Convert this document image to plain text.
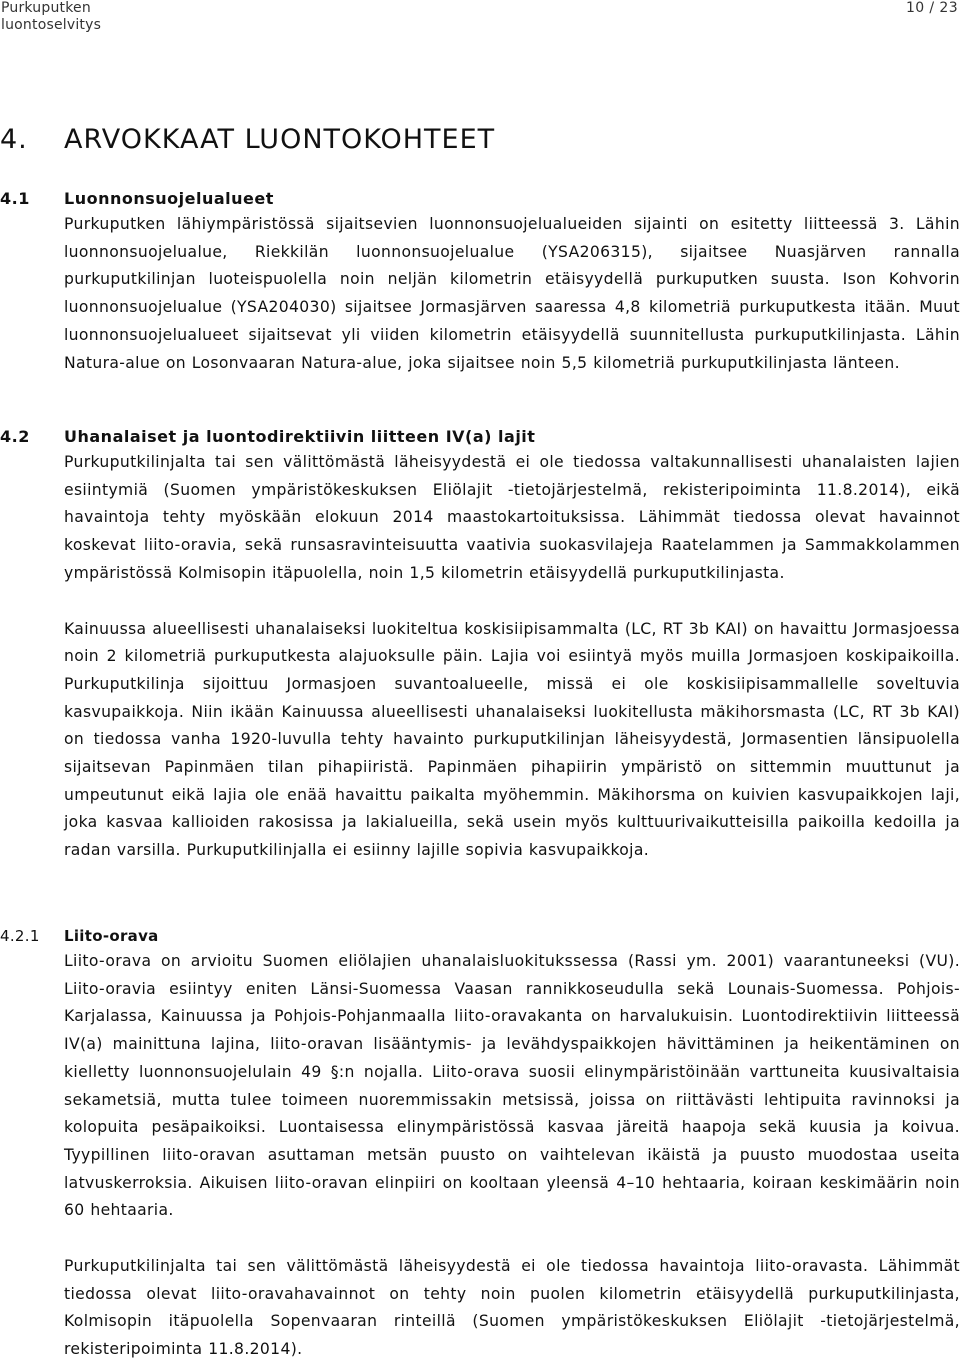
Purkuputken
luontoselvitys
10 / 23
4. ARVOKKAAT LUONTOKOHTEET
4.1 Luonnonsuojelualueet

Purkuputken lähiympäristössä sijaitsevien luonnonsuojelualueiden sijainti on esitetty liitteessä 3. Lähin luonnonsuojelualue, Riekkilän luonnonsuojelualue (YSA206315), sijaitsee Nuasjärven rannalla purkuputkilinjan luoteispuolella noin neljän kilometrin etäisyydellä purkuputken suusta. Ison Kohvorin luonnonsuojelualue (YSA204030) sijaitsee Jormasjärven saaressa 4,8 kilometriä purkuputkesta itään. Muut luonnonsuojelualueet sijaitsevat yli viiden kilometrin etäisyydellä suunnitellusta purkuputkilinjasta. Lähin Natura-alue on Losonvaaran Natura-alue, joka sijaitsee noin 5,5 kilometriä purkuputkilinjasta länteen.

4.2 Uhanalaiset ja luontodirektiivin liitteen IV(a) lajit

Purkuputkilinjalta tai sen välittömästä läheisyydestä ei ole tiedossa valtakunnallisesti uhanalaisten lajien esiintymiä (Suomen ympäristökeskuksen Eliölajit -tietojärjestelmä, rekisteripoiminta 11.8.2014), eikä havaintoja tehty myöskään elokuun 2014 maastokartoituksissa. Lähimmät tiedossa olevat havainnot koskevat liito-oravia, sekä runsasravinteisuutta vaativia suokasvilajeja Raatelammen ja Sammakkolammen ympäristössä Kolmisopin itäpuolella, noin 1,5 kilometrin etäisyydellä purkuputkilinjasta.

Kainuussa alueellisesti uhanalaiseksi luokiteltua koskisiipisammalta (LC, RT 3b KAI) on havaittu Jormasjoessa noin 2 kilometriä purkuputkesta alajuoksulle päin. Lajia voi esiintyä myös muilla Jormasjoen koskipaikoilla. Purkuputkilinja sijoittuu Jormasjoen suvantoalueelle, missä ei ole koskisiipisammallelle soveltuvia kasvupaikkoja. Niin ikään Kainuussa alueellisesti uhanalaiseksi luokitellusta mäkihorsmasta (LC, RT 3b KAI) on tiedossa vanha 1920-luvulla tehty havainto purkuputkilinjan läheisyydestä, Jormasentien länsipuolella sijaitsevan Papinmäen tilan pihapiiristä. Papinmäen pihapiirin ympäristö on sittemmin muuttunut ja umpeutunut eikä lajia ole enää havaittu paikalta myöhemmin. Mäkihorsma on kuivien kasvupaikkojen laji, joka kasvaa kallioiden rakosissa ja lakialueilla, sekä usein myös kulttuurivaikutteisilla paikoilla kedoilla ja radan varsilla. Purkuputkilinjalla ei esiinny lajille sopivia kasvupaikkoja.

4.2.1 Liito-orava

Liito-orava on arvioitu Suomen eliölajien uhanalaisluokitukssessa (Rassi ym. 2001) vaarantuneeksi (VU). Liito-oravia esiintyy eniten Länsi-Suomessa Vaasan rannikkoseudulla sekä Lounais-Suomessa. Pohjois-Karjalassa, Kainuussa ja Pohjois-Pohjanmaalla liito-oravakanta on harvalukuisin. Luontodirektiivin liitteessä IV(a) mainittuna lajina, liito-oravan lisääntymis- ja levähdyspaikkojen hävittäminen ja heikentäminen on kielletty luonnonsuojelulain 49 §:n nojalla. Liito-orava suosii elinympäristöinään varttuneita kuusivaltaisia sekametsiä, mutta tulee toimeen nuoremmissakin metsissä, joissa on riittävästi lehtipuita ravinnoksi ja kolopuita pesäpaikoiksi. Luontaisessa elinympäristössä kasvaa järeitä haapoja sekä kuusia ja koivua. Tyypillinen liito-oravan asuttaman metsän puusto on vaihtelevan ikäistä ja puusto muodostaa useita latvuskerroksia. Aikuisen liito-oravan elinpiiri on kooltaan yleensä 4–10 hehtaaria, koiraan keskimäärin noin 60 hehtaaria.

Purkuputkilinjalta tai sen välittömästä läheisyydestä ei ole tiedossa havaintoja liito-oravasta. Lähimmät tiedossa olevat liito-oravahavainnot on tehty noin puolen kilometrin etäisyydellä purkuputkilinjasta, Kolmisopin itäpuolella Sopenvaaran rinteillä (Suomen ympäristökeskuksen Eliölajit -tietojärjestelmä, rekisteripoiminta 11.8.2014).
